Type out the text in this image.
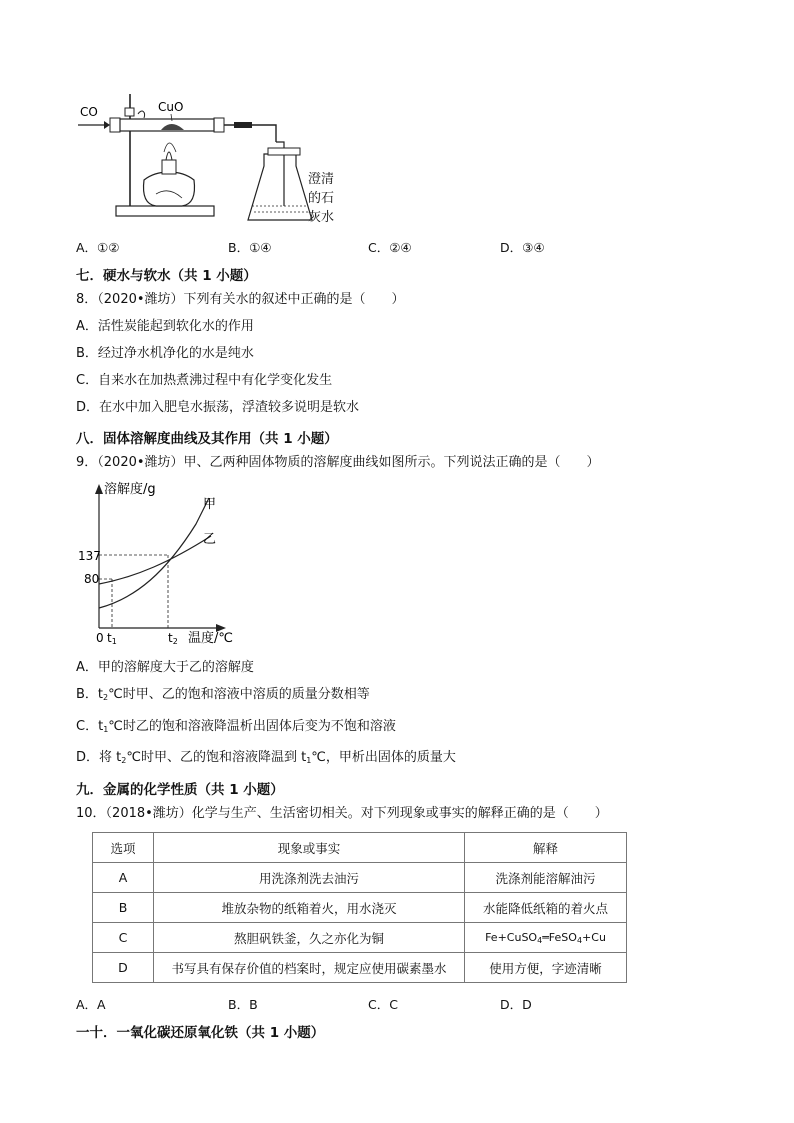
CO	CuO
澄清
的石
灰水
A．①②	B．①④	C．②④	D．③④
七．硬水与软水（共 1 小题）
8．（2020•潍坊）下列有关水的叙述中正确的是（　　）
A．活性炭能起到软化水的作用
B．经过净水机净化的水是纯水
C．自来水在加热煮沸过程中有化学变化发生
D．在水中加入肥皂水振荡，浮渣较多说明是软水
八．固体溶解度曲线及其作用（共 1 小题）
9．（2020•潍坊）甲、乙两种固体物质的溶解度曲线如图所示。下列说法正确的是（　　）
溶解度/g
温度/℃
甲
乙
137
80
0 t1	t2
A．甲的溶解度大于乙的溶解度
B．$t_2℃$时甲、乙的饱和溶液中溶质的质量分数相等
C．$t_1℃$时乙的饱和溶液降温析出固体后变为不饱和溶液
D．将 $t_2℃$时甲、乙的饱和溶液降温到 $t_1℃$，甲析出固体的质量大
九．金属的化学性质（共 1 小题）
10．（2018•潍坊）化学与生产、生活密切相关。对下列现象或事实的解释正确的是（　　）
选项	现象或事实	解释
A	用洗涤剂洗去油污	洗涤剂能溶解油污
B	堆放杂物的纸箱着火，用水浇灭	水能降低纸箱的着火点
C	熬胆矾铁釜，久之亦化为铜	Fe+CuSO$_4$═FeSO$_4$+Cu
D	书写具有保存价值的档案时，规定应使用碳素墨水	使用方便，字迹清晰
A．A	B．B	C．C	D．D
一十．一氧化碳还原氧化铁（共 1 小题）
